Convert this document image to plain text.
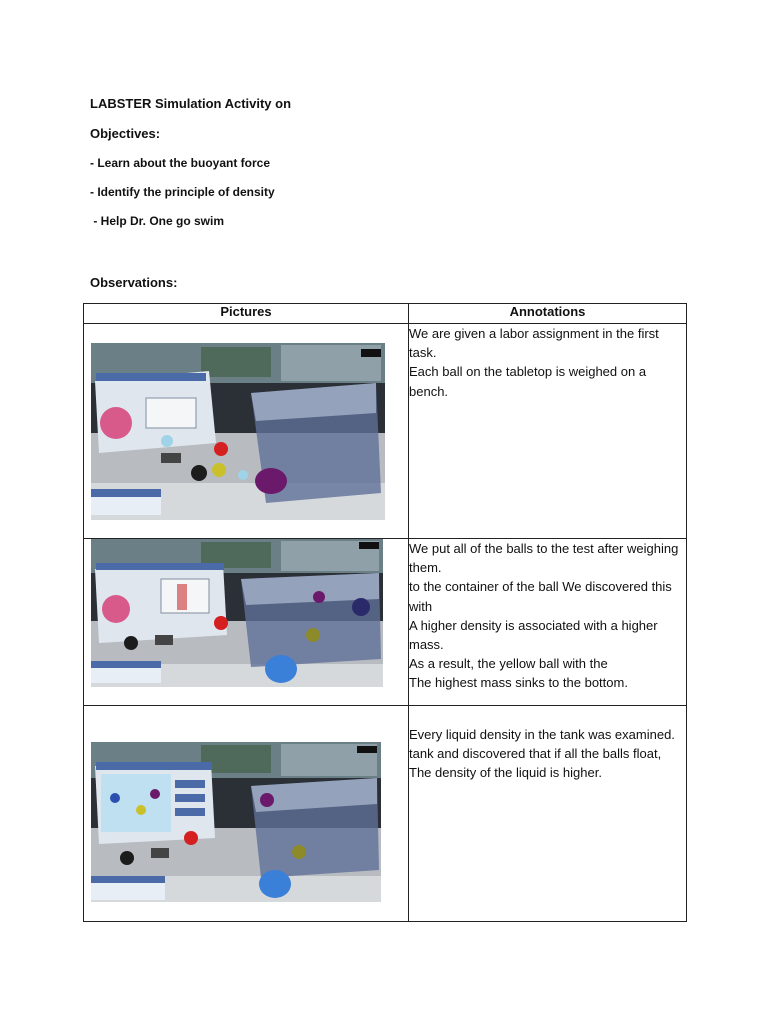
LABSTER Simulation Activity on
Objectives:
- Learn about the buoyant force
- Identify the principle of density
- Help Dr. One go swim
Observations:
Pictures	Annotations

We are given a labor assignment in the first task.
Each ball on the tabletop is weighed on a bench.

We put all of the balls to the test after weighing them.
to the container of the ball We discovered this with
A higher density is associated with a higher mass.
As a result, the yellow ball with the
The highest mass sinks to the bottom.

Every liquid density in the tank was examined.
tank and discovered that if all the balls float,
The density of the liquid is higher.
